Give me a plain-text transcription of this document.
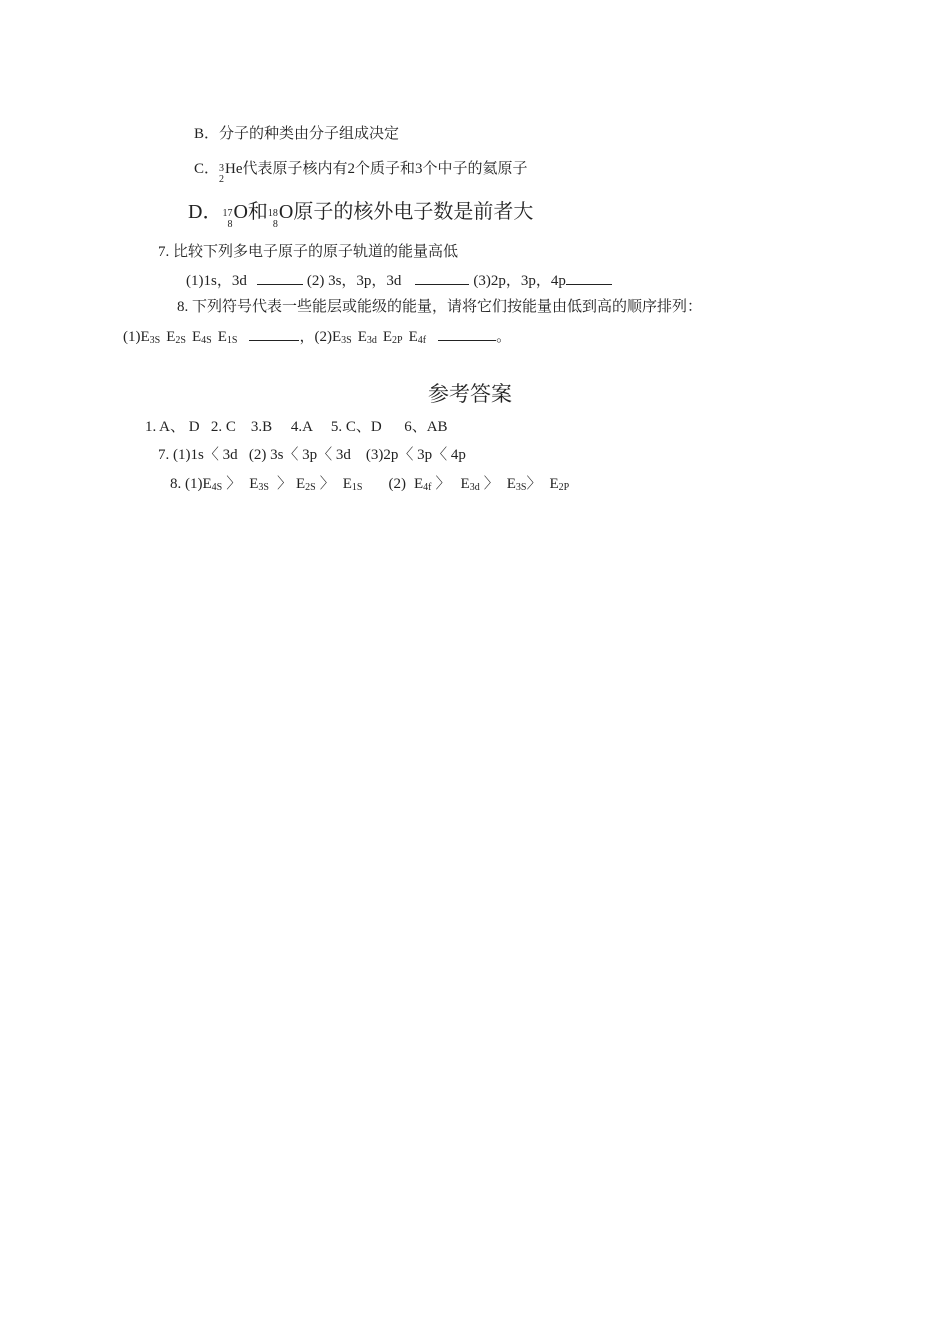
B．分子的种类由分子组成决定
C． 3
2
He代表原子核内有2个质子和3个中子的氦原子
D． 17
8
O和 18
8
O原子的核外电子数是前者大
7. 比较下列多电子原子的原子轨道的能量高低
(1)1s，3d	(2) 3s，3p，3d	(3)2p，3p，4p
8. 下列符号代表一些能层或能级的能量，请将它们按能量由低到高的顺序排列：
$(1)E_{3S}$ $E_{2S}$ $E_{4S}$ $E_{1S}$	，$(2)E_{3S}$ $E_{3d}$ $E_{2P}$ $E_{4f}$	。
参考答案
1. A、 D   2. C    3.B     4.A     5. C、D      6、AB
7. (1)1s〈 3d   (2) 3s〈 3p〈 3d    (3)2p〈 3p〈 4p
8. $(1)E_{4S}$ 〉 $E_{3S}$ 〉 $E_{2S}$ 〉 $E_{1S}$ (2) $E_{4f}$ 〉 $E_{3d}$ 〉 $E_{3S}$〉 $E_{2P}$
